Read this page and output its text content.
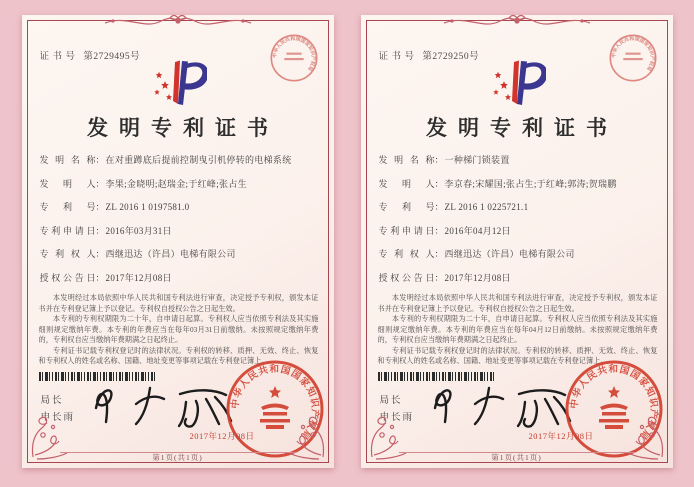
证书号 第2729495号	中华人民共和国国家知识产权局
发明专利证书
发明名称：在对重蹲底后提前控制曳引机停转的电梯系统
发明人：李果;金晓明;赵瑞金;于红峰;张占生
专利号：ZL 2016 1 0197581.0
专利申请日：2016年03月31日
专利权人：西继迅达（许昌）电梯有限公司
授权公告日：2017年12月08日

本发明经过本局依照中华人民共和国专利法进行审查，决定授予专利权，颁发本证书并在专利登记簿上予以登记。专利权自授权公告之日起生效。

本专利的专利权期限为二十年，自申请日起算。专利权人应当依照专利法及其实施细则规定缴纳年费。本专利的年费应当在每年03月31日前缴纳。未按照规定缴纳年费的，专利权自应当缴纳年费期满之日起终止。

专利证书记载专利权登记时的法律状况。专利权的转移、质押、无效、终止、恢复和专利权人的姓名或名称、国籍、地址变更等事项记载在专利登记簿上。

局长
申长雨
中华人民共和国国家知识产权局
2017年12月08日
第1页(共1页)
证书号 第2729250号	中华人民共和国国家知识产权局
发明专利证书
发明名称：一种梯门锁装置
发明人：李京春;宋耀国;张占生;于红峰;郭涛;贺瑞鹏
专利号：ZL 2016 1 0225721.1
专利申请日：2016年04月12日
专利权人：西继迅达（许昌）电梯有限公司
授权公告日：2017年12月08日

本发明经过本局依照中华人民共和国专利法进行审查，决定授予专利权，颁发本证书并在专利登记簿上予以登记。专利权自授权公告之日起生效。

本专利的专利权期限为二十年，自申请日起算。专利权人应当依照专利法及其实施细则规定缴纳年费。本专利的年费应当在每年04月12日前缴纳。未按照规定缴纳年费的，专利权自应当缴纳年费期满之日起终止。

专利证书记载专利权登记时的法律状况。专利权的转移、质押、无效、终止、恢复和专利权人的姓名或名称、国籍、地址变更等事项记载在专利登记簿上。

局长
申长雨
中华人民共和国国家知识产权局
2017年12月08日
第1页(共1页)
